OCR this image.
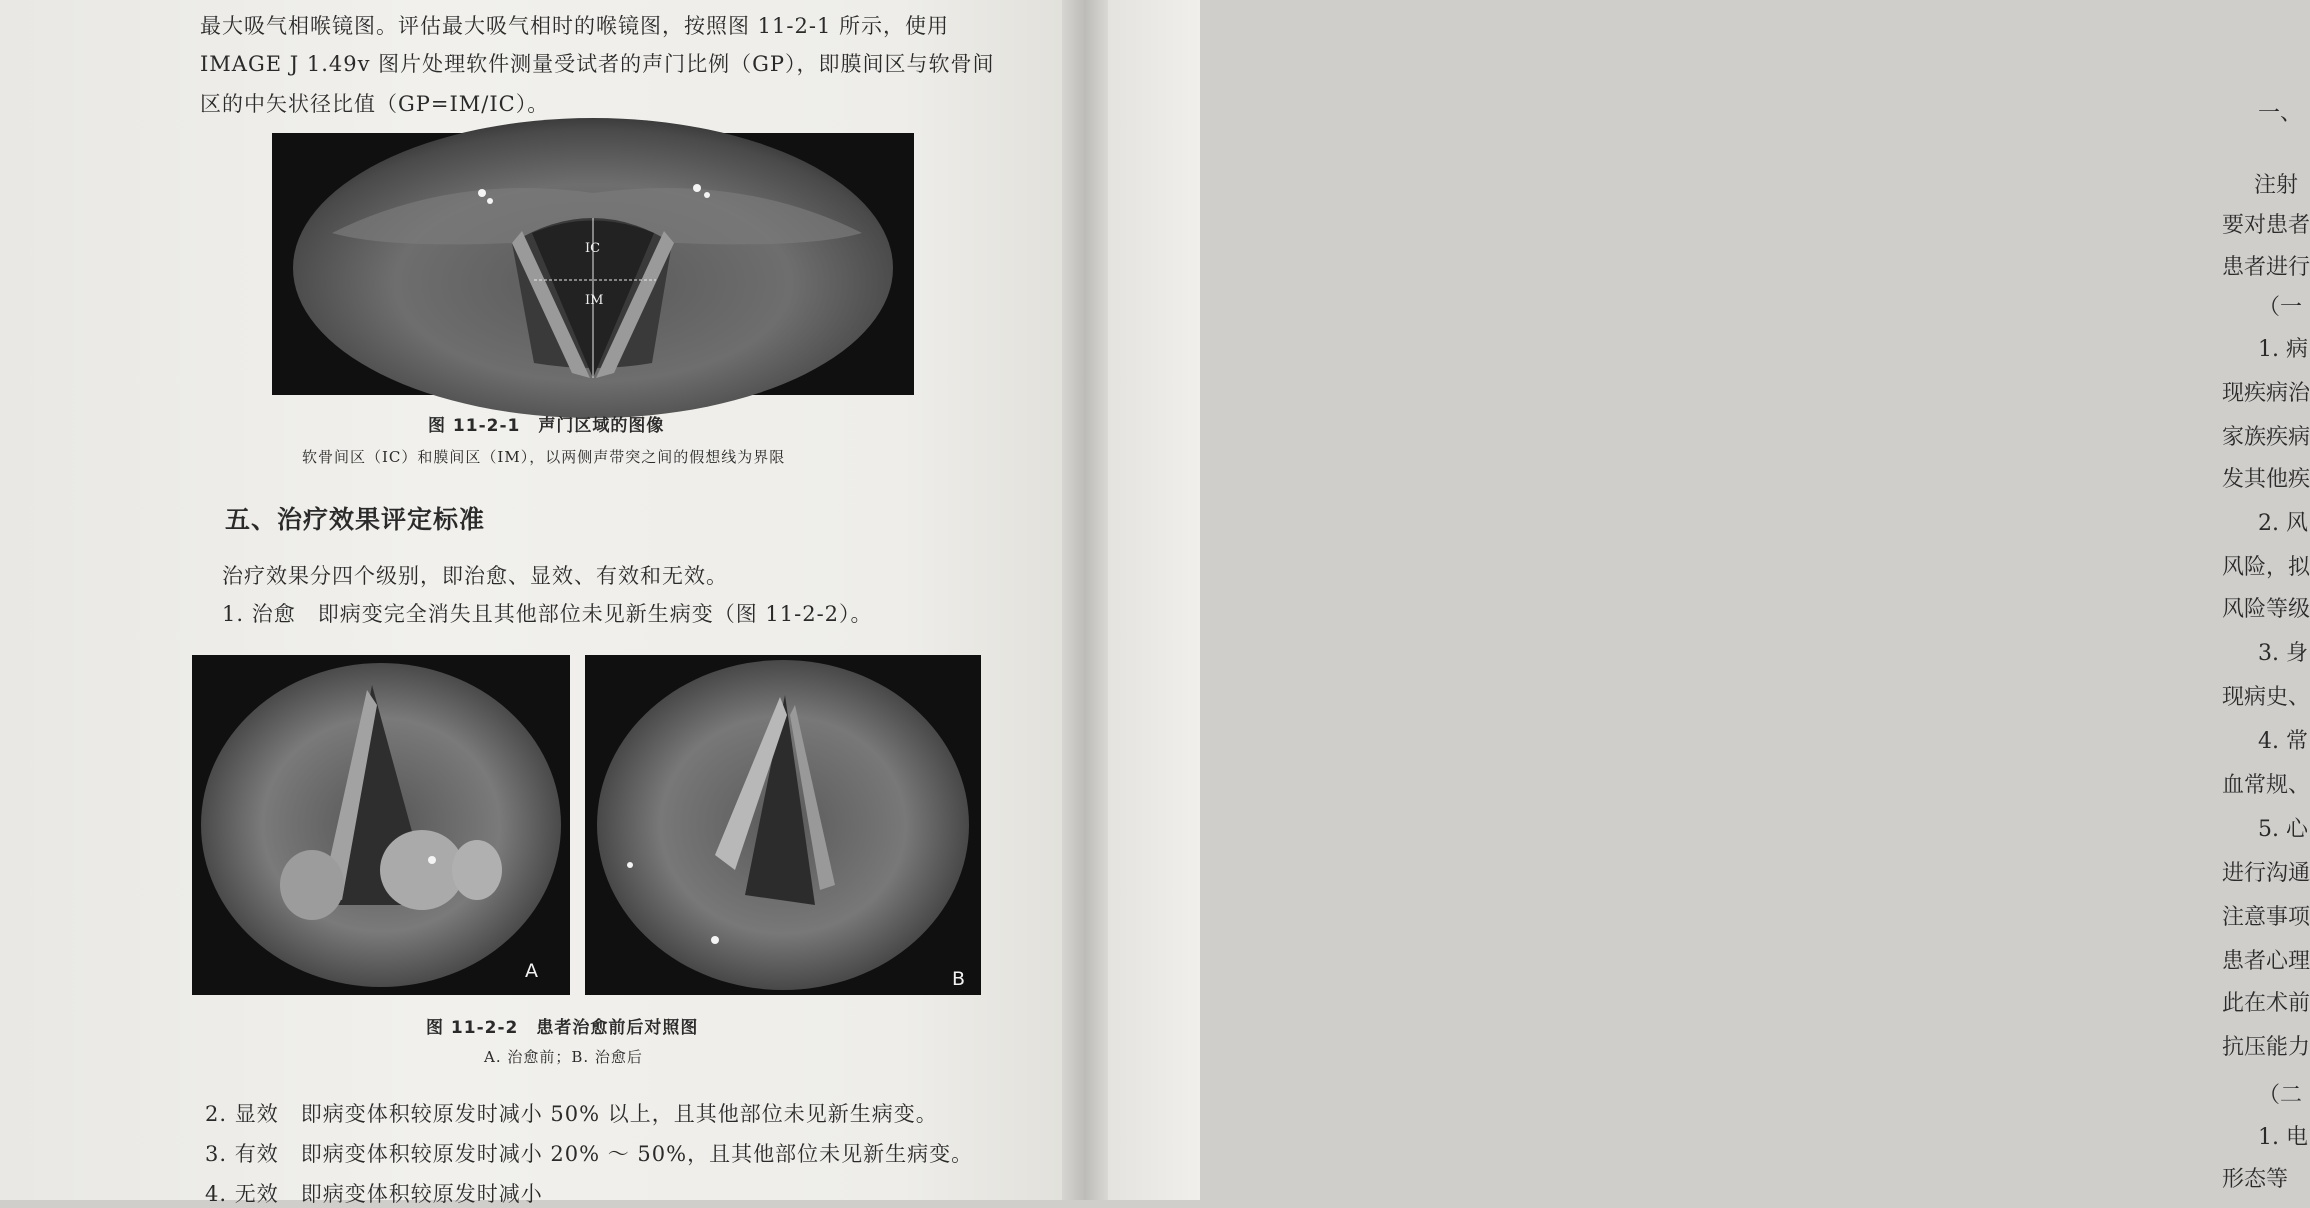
最大吸气相喉镜图。评估最大吸气相时的喉镜图，按照图 11-2-1 所示，使用
IMAGE J 1.49v 图片处理软件测量受试者的声门比例（GP），即膜间区与软骨间
区的中矢状径比值（GP=IM/IC）。
IC
IM
图 11-2-1　声门区域的图像
软骨间区（IC）和膜间区（IM），以两侧声带突之间的假想线为界限
五、治疗效果评定标准
治疗效果分四个级别，即治愈、显效、有效和无效。
1. 治愈　即病变完全消失且其他部位未见新生病变（图 11-2-2）。
A	B
图 11-2-2　患者治愈前后对照图
A. 治愈前；B. 治愈后
2. 显效　即病变体积较原发时减小 50% 以上，且其他部位未见新生病变。
3. 有效　即病变体积较原发时减小 20% ～ 50%，且其他部位未见新生病变。
4. 无效　即病变体积较原发时减小
一、
注射
要对患者
患者进行
（一
1. 病
现疾病治
家族疾病
发其他疾
2. 风
风险，拟
风险等级
3. 身
现病史、
4. 常
血常规、
5. 心
进行沟通
注意事项
患者心理
此在术前
抗压能力
（二
1. 电
形态等
